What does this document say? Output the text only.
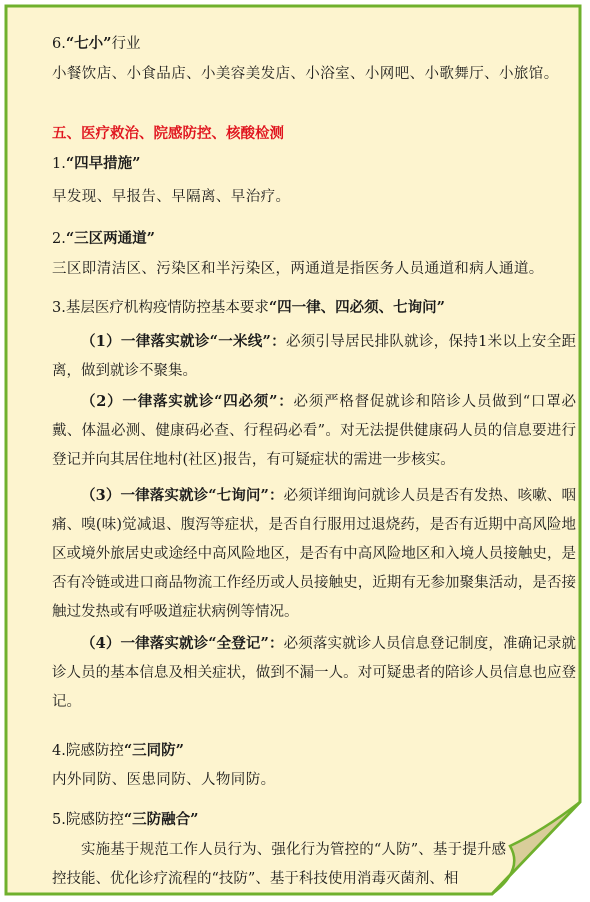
6.“七小”行业
小餐饮店、小食品店、小美容美发店、小浴室、小网吧、小歌舞厅、小旅馆。
五、医疗救治、院感防控、核酸检测
1.“四早措施”
早发现、早报告、早隔离、早治疗。
2.“三区两通道”
三区即清洁区、污染区和半污染区，两通道是指医务人员通道和病人通道。
3.基层医疗机构疫情防控基本要求“四一律、四必须、七询问”
（1）一律落实就诊“一米线”：必须引导居民排队就诊，保持1米以上安全距离，做到就诊不聚集。
（2）一律落实就诊“四必须”：必须严格督促就诊和陪诊人员做到“口罩必戴、体温必测、健康码必查、行程码必看”。对无法提供健康码人员的信息要进行登记并向其居住地村(社区)报告，有可疑症状的需进一步核实。
（3）一律落实就诊“七询问”：必须详细询问就诊人员是否有发热、咳嗽、咽痛、嗅(味)觉减退、腹泻等症状，是否自行服用过退烧药，是否有近期中高风险地区或境外旅居史或途经中高风险地区，是否有中高风险地区和入境人员接触史，是否有冷链或进口商品物流工作经历或人员接触史，近期有无参加聚集活动，是否接触过发热或有呼吸道症状病例等情况。
（4）一律落实就诊“全登记”：必须落实就诊人员信息登记制度，准确记录就诊人员的基本信息及相关症状，做到不漏一人。对可疑患者的陪诊人员信息也应登记。
4.院感防控“三同防”
内外同防、医患同防、人物同防。
5.院感防控“三防融合”
实施基于规范工作人员行为、强化行为管控的“人防”、基于提升感控技能、优化诊疗流程的“技防”、基于科技使用消毒灭菌剂、相
